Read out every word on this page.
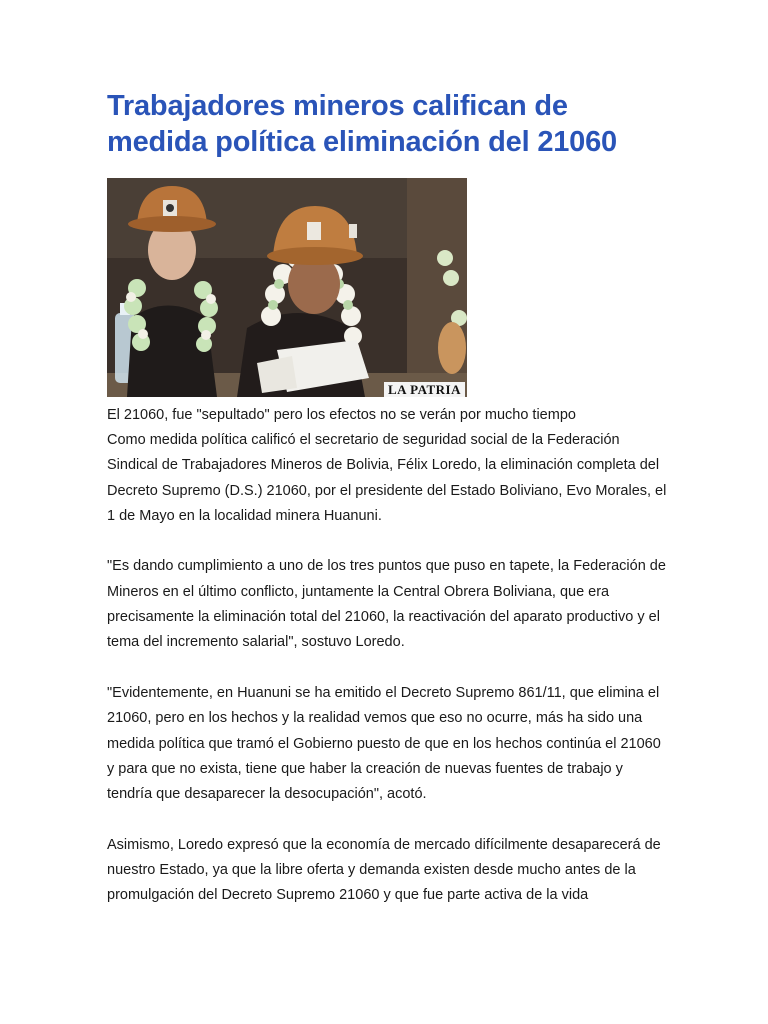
Trabajadores mineros califican de medida política eliminación del 21060
LA PATRIA

El 21060, fue "sepultado" pero los efectos no se verán por mucho tiempo

Como medida política calificó el secretario de seguridad social de la Federación Sindical de Trabajadores Mineros de Bolivia, Félix Loredo, la eliminación completa del Decreto Supremo (D.S.) 21060, por el presidente del Estado Boliviano, Evo Morales, el 1 de Mayo en la localidad minera Huanuni.

"Es dando cumplimiento a uno de los tres puntos que puso en tapete, la Federación de Mineros en el último conflicto, juntamente la Central Obrera Boliviana, que era precisamente la eliminación total del 21060, la reactivación del aparato productivo y el tema del incremento salarial", sostuvo Loredo.

"Evidentemente, en Huanuni se ha emitido el Decreto Supremo 861/11, que elimina el 21060, pero en los hechos y la realidad vemos que eso no ocurre, más ha sido una medida política que tramó el Gobierno puesto de que en los hechos continúa el 21060 y para que no exista, tiene que haber la creación de nuevas fuentes de trabajo y tendría que desaparecer la desocupación", acotó.

Asimismo, Loredo expresó que la economía de mercado difícilmente desaparecerá de nuestro Estado, ya que la libre oferta y demanda existen desde mucho antes de la promulgación del Decreto Supremo 21060 y que fue parte activa de la vida
